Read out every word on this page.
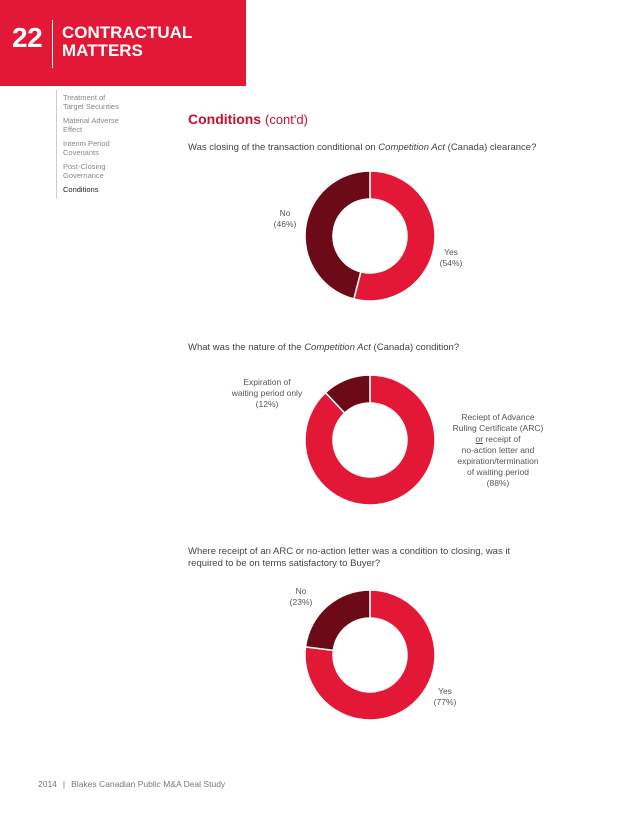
22 CONTRACTUAL
MATTERS
Treatment of
Target Securities
Material Adverse
Effect
Interim Period
Covenants
Post-Closing
Governance
Conditions
Conditions (cont'd)
Was closing of the transaction conditional on Competition Act (Canada) clearance?
No
(46%)
Yes
(54%)
What was the nature of the Competition Act (Canada) condition?
Expiration of
waiting period only
(12%)
Reciept of Advance
Ruling Certificate (ARC)
or receipt of
no-action letter and
expiration/termination
of waiting period
(88%)
Where receipt of an ARC or no-action letter was a condition to closing, was it
required to be on terms satisfactory to Buyer?
No
(23%)
Yes
(77%)
2014 | Blakes Canadian Public M&A Deal Study
